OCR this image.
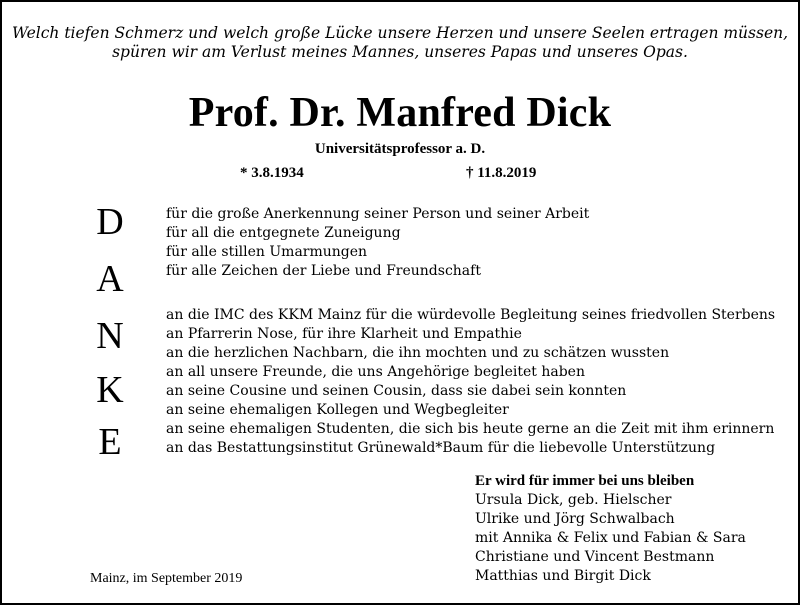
Welch tiefen Schmerz und welch große Lücke unsere Herzen und unsere Seelen ertragen müssen,
spüren wir am Verlust meines Mannes, unseres Papas und unseres Opas.
Prof. Dr. Manfred Dick
Universitätsprofessor a. D.
* 3.8.1934	† 11.8.2019
D
A
N
K
E
für die große Anerkennung seiner Person und seiner Arbeit
für all die entgegnete Zuneigung
für alle stillen Umarmungen
für alle Zeichen der Liebe und Freundschaft
an die IMC des KKM Mainz für die würdevolle Begleitung seines friedvollen Sterbens
an Pfarrerin Nose, für ihre Klarheit und Empathie
an die herzlichen Nachbarn, die ihn mochten und zu schätzen wussten
an all unsere Freunde, die uns Angehörige begleitet haben
an seine Cousine und seinen Cousin, dass sie dabei sein konnten
an seine ehemaligen Kollegen und Wegbegleiter
an seine ehemaligen Studenten, die sich bis heute gerne an die Zeit mit ihm erinnern
an das Bestattungsinstitut Grünewald*Baum für die liebevolle Unterstützung
Er wird für immer bei uns bleiben
Ursula Dick, geb. Hielscher
Ulrike und Jörg Schwalbach
mit Annika & Felix und Fabian & Sara
Christiane und Vincent Bestmann
Matthias und Birgit Dick
Mainz, im September 2019
